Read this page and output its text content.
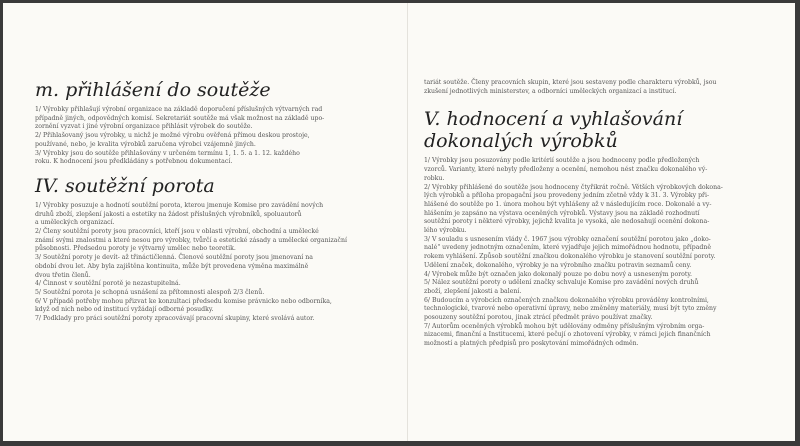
m. přihlášení do soutěže

1/ Výrobky přihlašují výrobní organizace na základě doporučení příslušných výtvarných rad

případně jiných, odpovědných komisí. Sekretariát soutěže má však možnost na základě upo-

zornění vyzvat i jiné výrobní organizace přihlásit výrobek do soutěže.

2/ Přihlašovaný jsou výrobky, u nichž je možné výrobu ověřená přímou deskou prostoje,

používané, nebo, je kvalita výrobků zaručena výrobci vzájemně jiných.

3/ Výrobky jsou do soutěže přihlašovány v určeném termínu 1, 1. 5. a 1. 12. každého

roku. K hodnocení jsou předkládány s potřebnou dokumentací.

IV. soutěžní porota

1/ Výrobky posuzuje a hodnotí soutěžní porota, kterou jmenuje Komise pro zavádění nových

druhů zboží, zlepšení jakosti a estetiky na žádost příslušných výrobníků, spoluautorů

a uměleckých organizací.

2/ Členy soutěžní poroty jsou pracovníci, kteří jsou v oblasti výrobní, obchodní a umělecké

známí svými znalostmi a které nesou pro výrobky, tvůrčí a estetické zásady a umělecké organizační

působnosti. Předsedou poroty je výtvarný umělec nebo teoretik.

3/ Soutěžní poroty je devít- až třináctičlenná. Členové soutěžní poroty jsou jmenovaní na

období dvou let. Aby byla zajištěna kontinuita, může být provedena výměna maximálně

dvou třetin členů.

4/ Činnost v soutěžní porotě je nezastupitelná.

5/ Soutěžní porota je schopná usnášení za přítomnosti alespoň 2/3 členů.

6/ V případě potřeby mohou přizvat ke konzultaci předsedu komise právnicko nebo odborníka,

když od nich nebo od institucí vyžádají odborné posudky.

7/ Podklady pro práci soutěžní poroty zpracovávají pracovní skupiny, které svolává autor.

tariát soutěže. Členy pracovních skupin, které jsou sestaveny podle charakteru výrobků, jsou

zkušení jednotlivých ministerstev, a odborníci uměleckých organizací a institucí.

V. hodnocení a vyhlašování dokonalých výrobků

1/ Výrobky jsou posuzovány podle kritérií soutěže a jsou hodnoceny podle předložených

vzorců. Varianty, které nebyly předloženy a ocenění, nemohou nést značku dokonalého vý-

robku.

2/ Výrobky přihlášené do soutěže jsou hodnoceny čtyřikrát ročně. Větších výrobkových dokona-

lých výrobků a příloha propagační jsou provedeny jedním zčetně vždy k 31. 3. Výrobky při-

hlášené do soutěže po 1. února mohou být vyhlášeny až v následujícím roce. Dokonalé a vy-

hlášením je zapsáno na výstava oceněných výrobků. Výstavy jsou na základě rozhodnutí

soutěžní poroty i některé výrobky, jejichž kvalita je vysoká, ale nedosahují ocenění dokona-

lého výrobku.

3/ V souladu s usnesením vlády č. 1967 jsou výrobky označení soutěžní porotou jako „doko-

nalé" uvedeny jednotným označením, které vyjadřuje jejich mimořádnou hodnotu, případně

rokem vyhlášení. Způsob soutěžní značkou dokonalého výrobku je stanovení soutěžní poroty.

Udělení značek, dokonalého, výrobky je na výrobního značku potravin seznamů ceny.

4/ Výrobek může být označen jako dokonalý pouze po dobu nový a usneseným poroty.

5/ Nález soutěžní poroty o udělení značky schvaluje Komise pro zavádění nových druhů

zboží, zlepšení jakosti a balení.

6/ Budoucím a výrobcích označených značkou dokonalého výrobku prováděny kontrolními,

technologické, tvarové nebo operativní úpravy, nebo změněny materiály, musí být tyto změny

posouzeny soutěžní porotou, jinak ztrácí předmět právo používat značky.

7/ Autorům oceněných výrobků mohou být udělovány odměny příslušným výrobním orga-

nizacemi, finanční a Institucemi, které pečují o zhotovení výrobky, v rámci jejich finančních

možností a platných předpisů pro poskytování mimořádných odměn.
